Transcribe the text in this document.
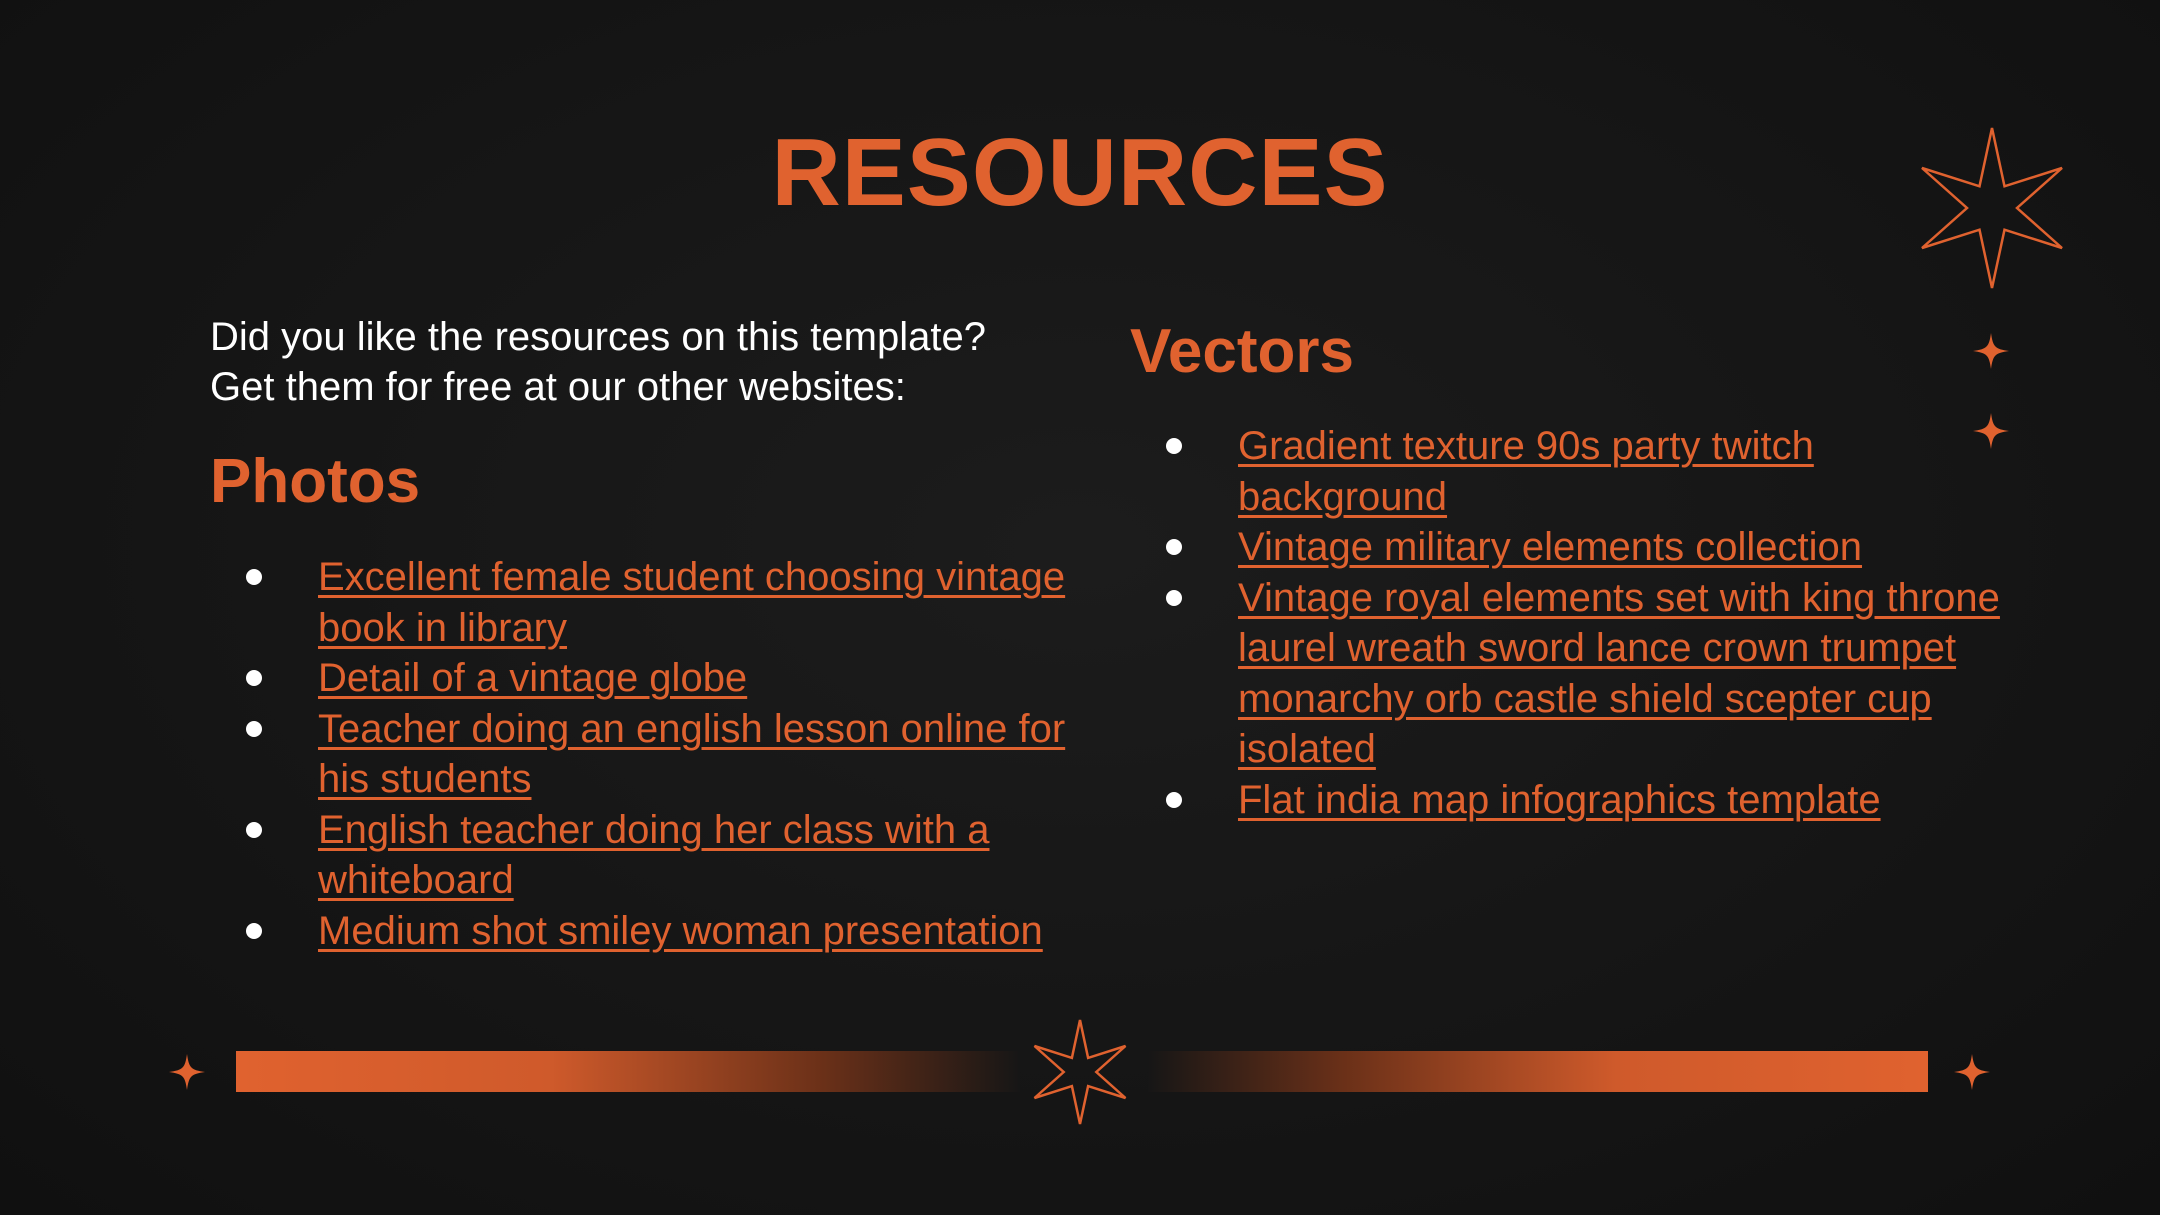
RESOURCES

Did you like the resources on this template?
Get them for free at our other websites:

Photos
Excellent female student choosing vintage book in library
Detail of a vintage globe
Teacher doing an english lesson online for his students
English teacher doing her class with a whiteboard
Medium shot smiley woman presentation
Vectors
Gradient texture 90s party twitch background
Vintage military elements collection
Vintage royal elements set with king throne laurel wreath sword lance crown trumpet monarchy orb castle shield scepter cup isolated
Flat india map infographics template
